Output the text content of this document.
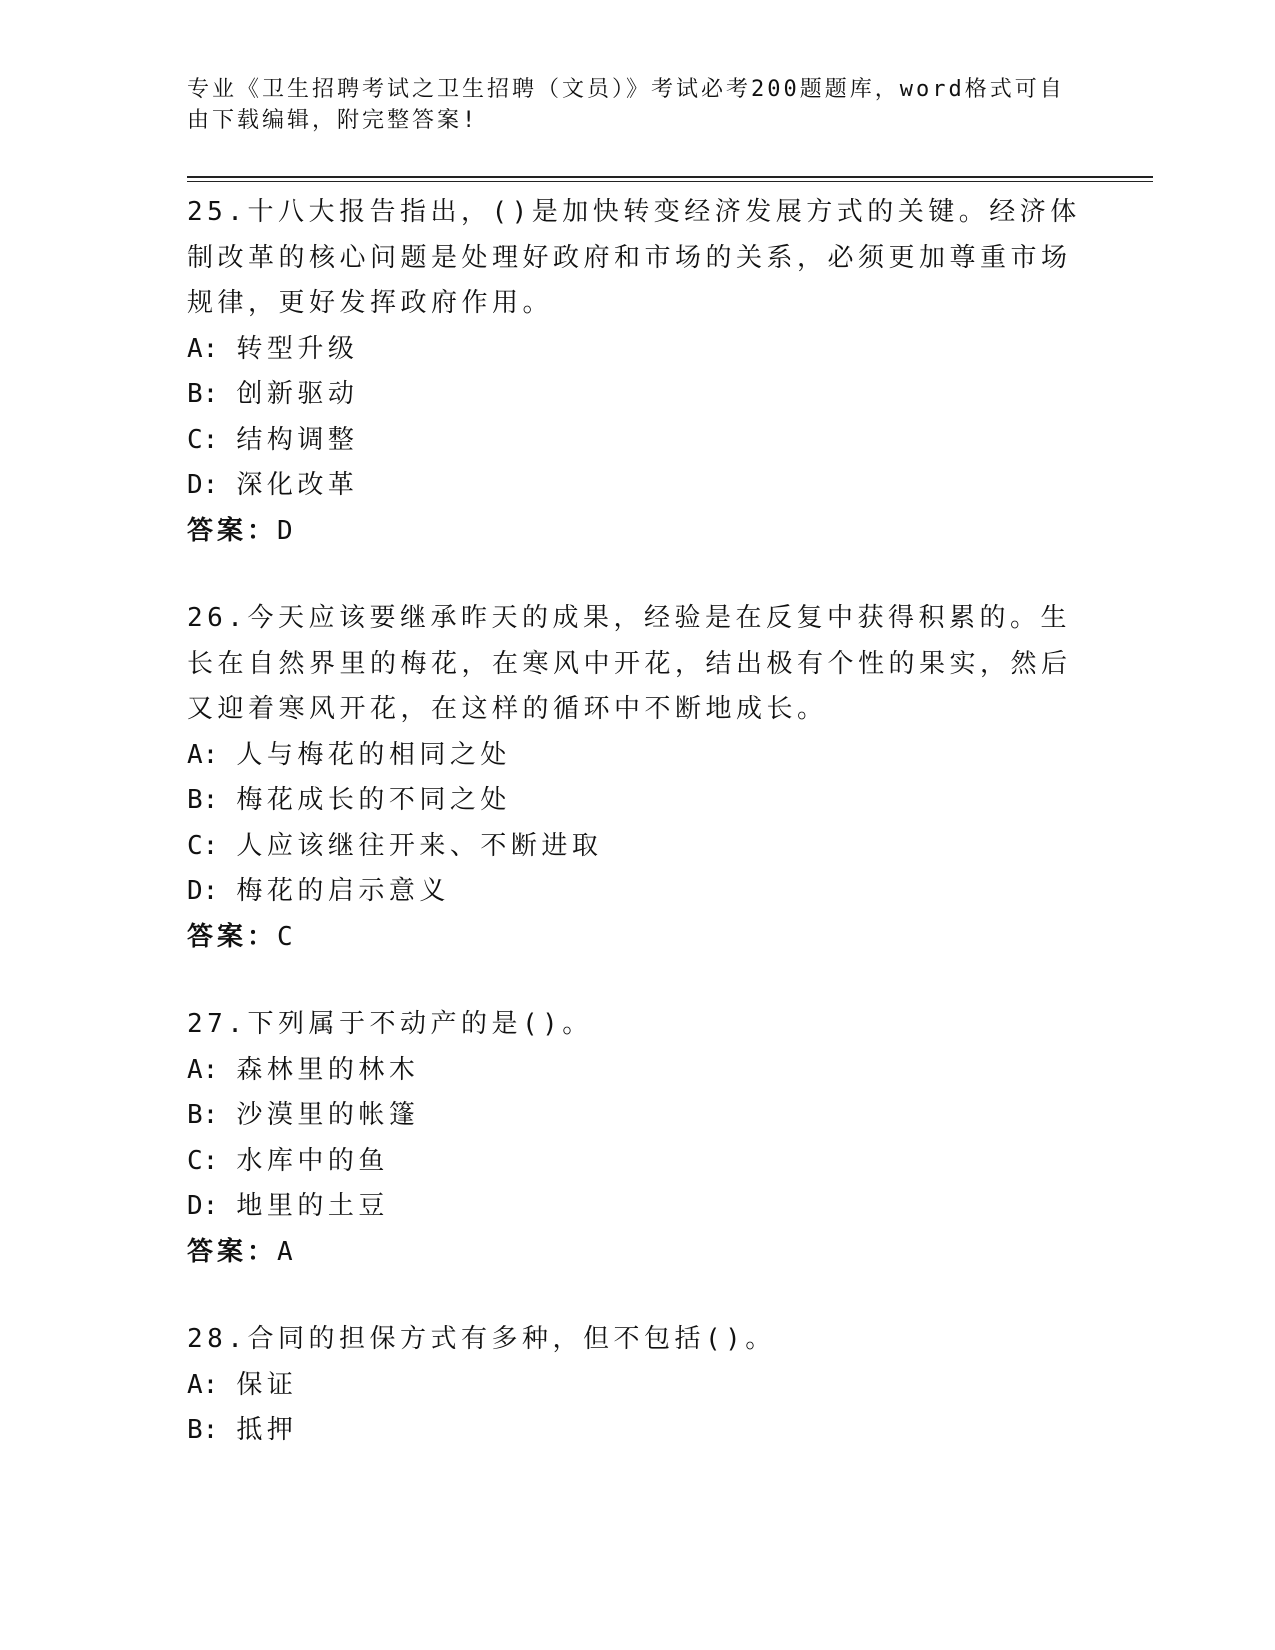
专业《卫生招聘考试之卫生招聘（文员）》考试必考200题题库，word格式可自
由下载编辑，附完整答案!

25.十八大报告指出，()是加快转变经济发展方式的关键。经济体制改革的核心问题是处理好政府和市场的关系，必须更加尊重市场规律，更好发挥政府作用。

A: 转型升级

B: 创新驱动

C: 结构调整

D: 深化改革

答案：D

26.今天应该要继承昨天的成果，经验是在反复中获得积累的。生长在自然界里的梅花，在寒风中开花，结出极有个性的果实，然后又迎着寒风开花，在这样的循环中不断地成长。

A: 人与梅花的相同之处

B: 梅花成长的不同之处

C: 人应该继往开来、不断进取

D: 梅花的启示意义

答案：C

27.下列属于不动产的是()。

A: 森林里的林木

B: 沙漠里的帐篷

C: 水库中的鱼

D: 地里的土豆

答案：A

28.合同的担保方式有多种，但不包括()。

A: 保证

B: 抵押
